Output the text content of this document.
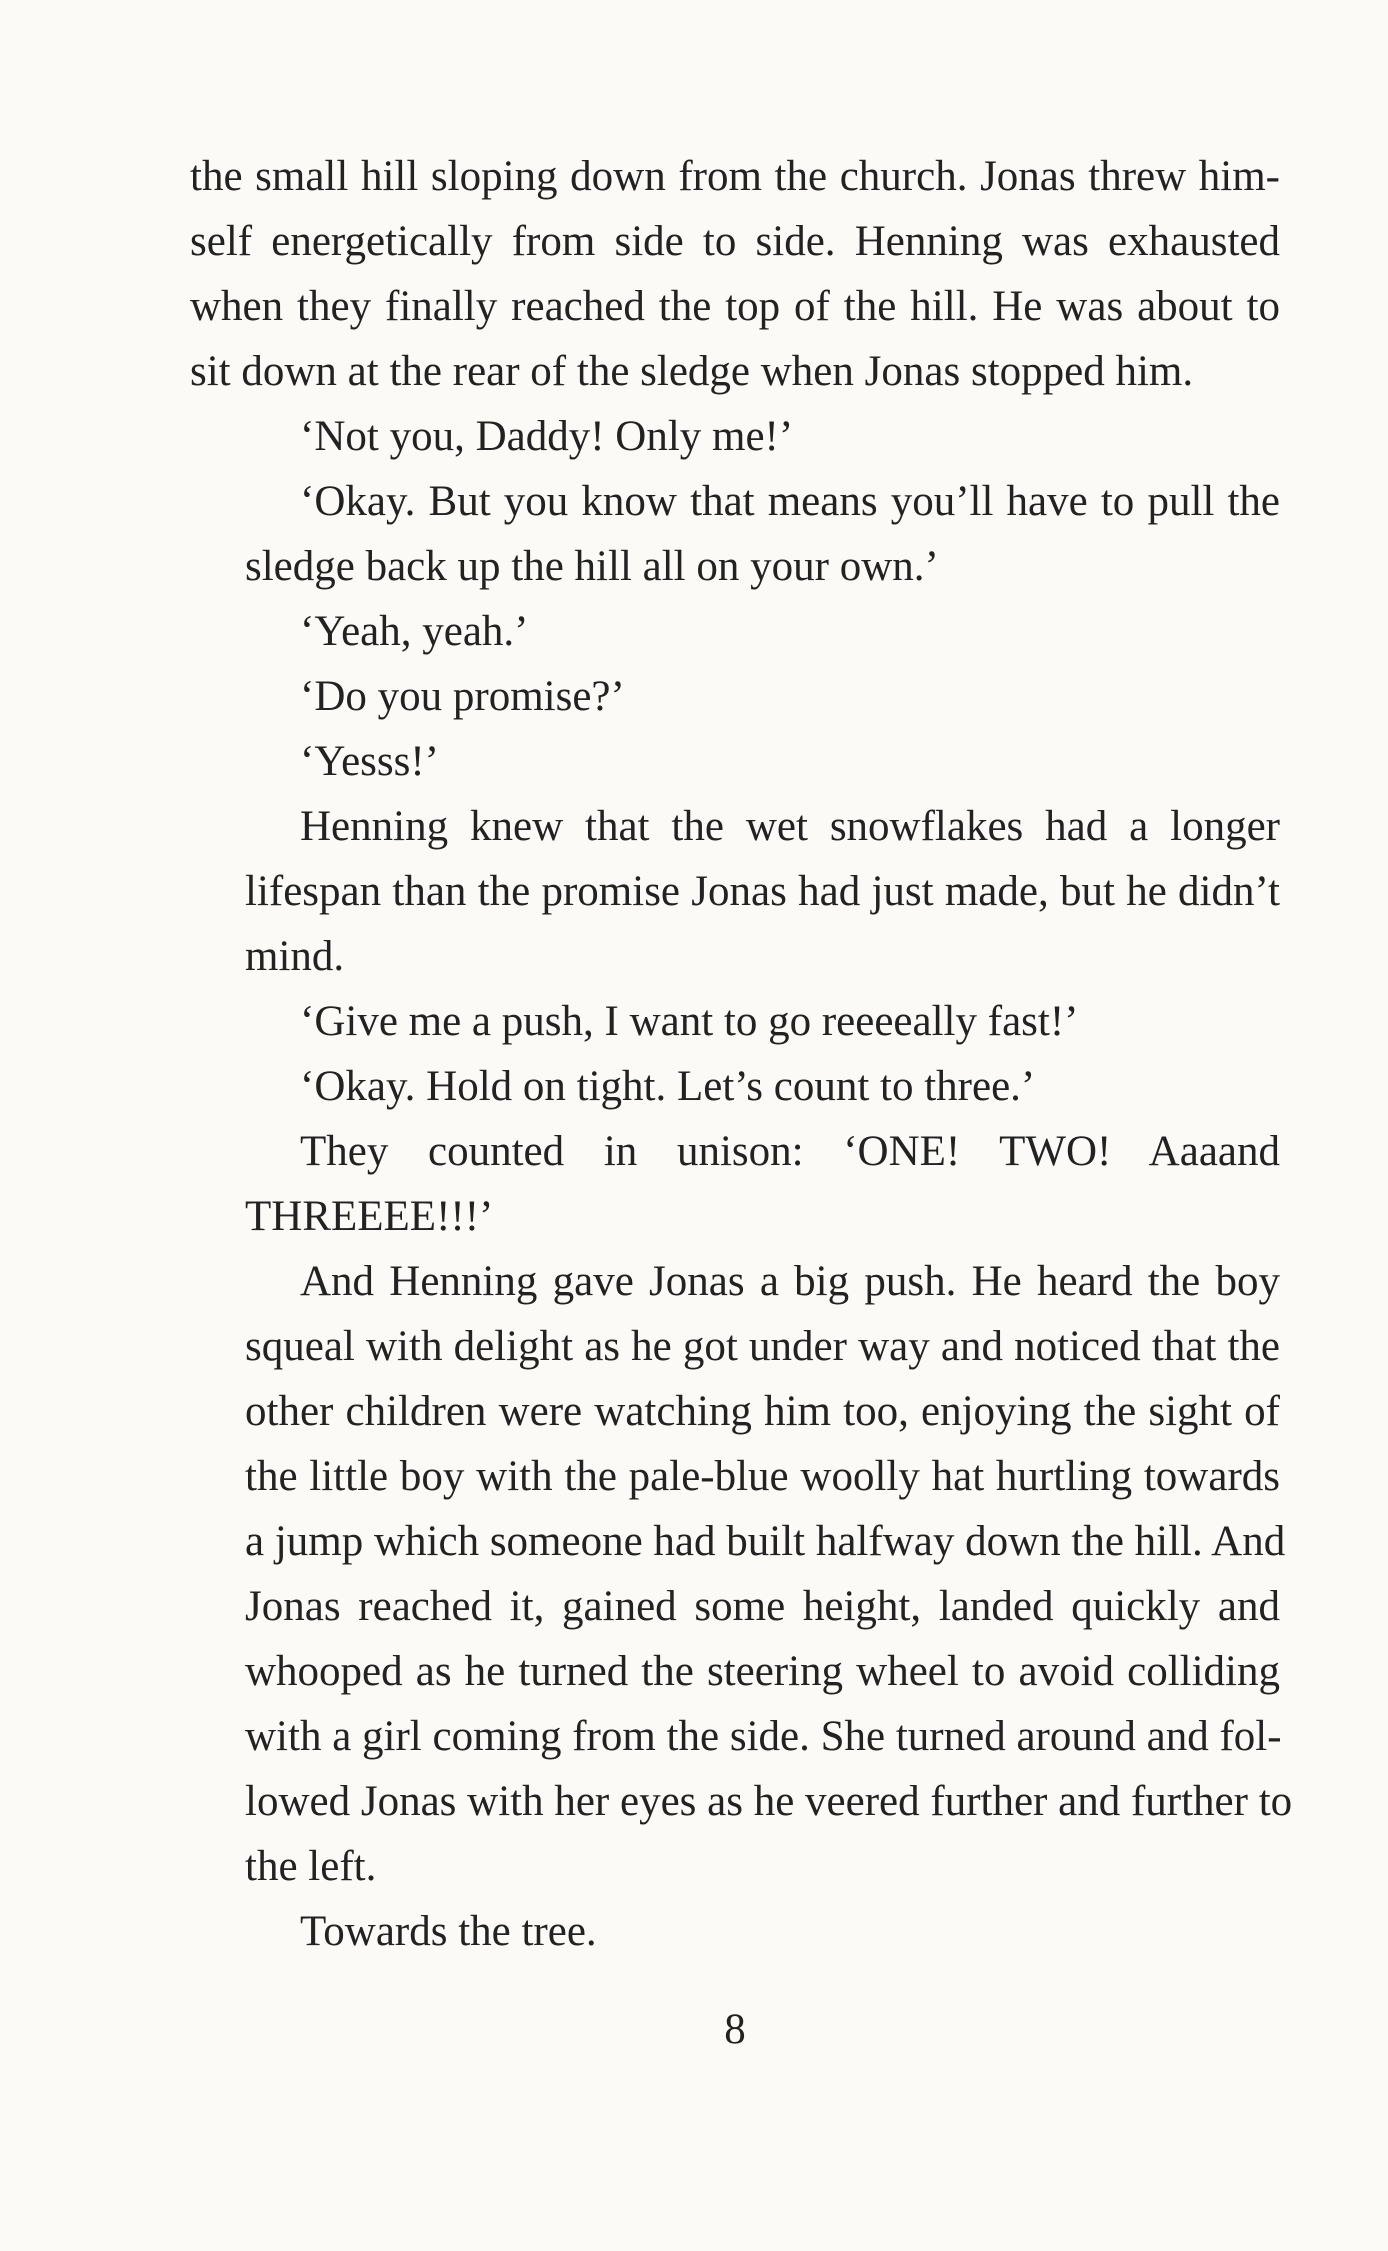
the small hill sloping down from the church. Jonas threw him-
self energetically from side to side. Henning was exhausted
when they finally reached the top of the hill. He was about to
sit down at the rear of the sledge when Jonas stopped him.
‘Not you, Daddy! Only me!’
‘Okay. But you know that means you’ll have to pull the
sledge back up the hill all on your own.’
‘Yeah, yeah.’
‘Do you promise?’
‘Yesss!’
Henning knew that the wet snowflakes had a longer
lifespan than the promise Jonas had just made, but he didn’t
mind.
‘Give me a push, I want to go reeeeally fast!’
‘Okay. Hold on tight. Let’s count to three.’
They counted in unison: ‘ONE! TWO! Aaaand
THREEEE!!!’
And Henning gave Jonas a big push. He heard the boy
squeal with delight as he got under way and noticed that the
other children were watching him too, enjoying the sight of
the little boy with the pale-blue woolly hat hurtling towards
a jump which someone had built halfway down the hill. And
Jonas reached it, gained some height, landed quickly and
whooped as he turned the steering wheel to avoid colliding
with a girl coming from the side. She turned around and fol-
lowed Jonas with her eyes as he veered further and further to
the left.
Towards the tree.
8
